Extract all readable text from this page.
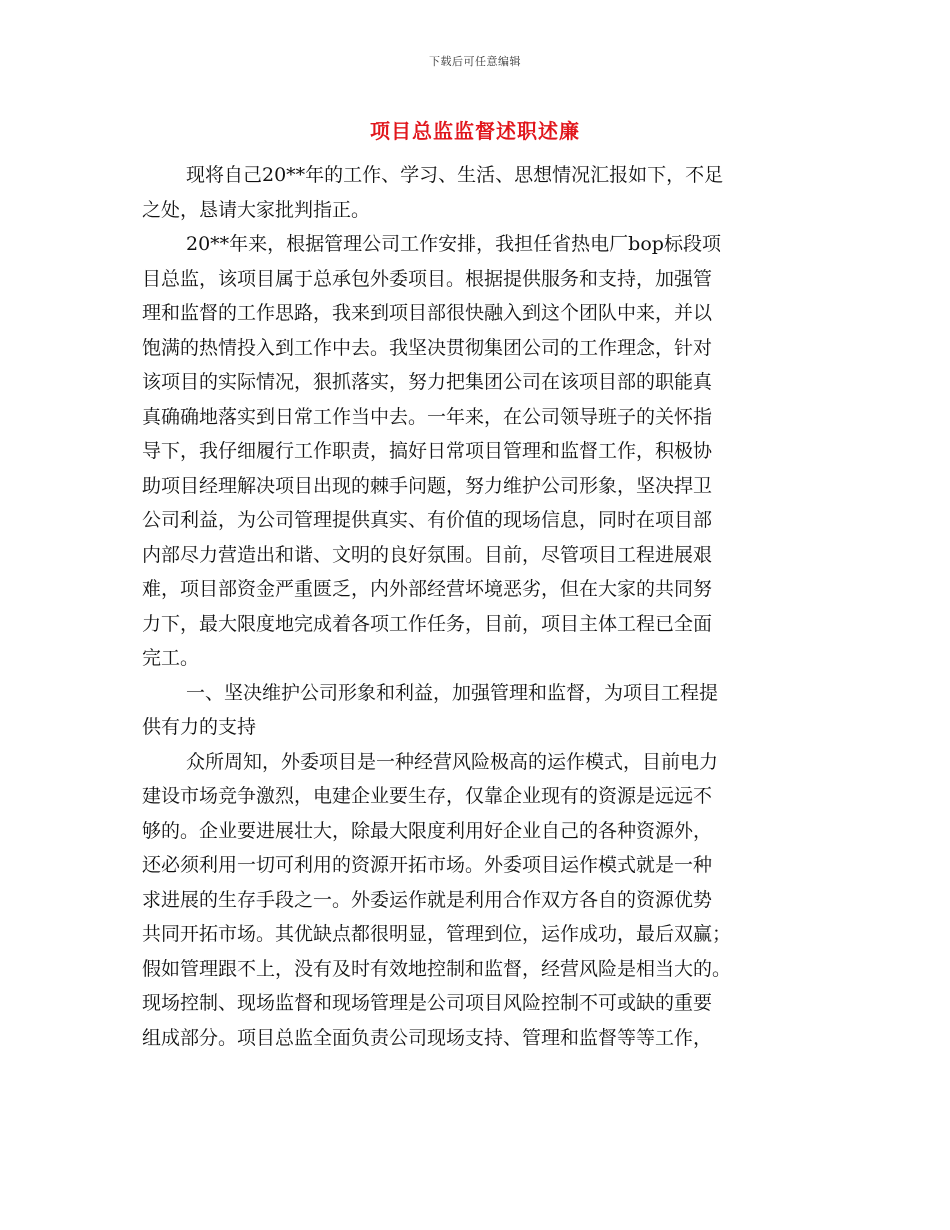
下载后可任意编辑
项目总监监督述职述廉
现将自己20**年的工作、学习、生活、思想情况汇报如下，不足
之处，恳请大家批判指正。
20**年来，根据管理公司工作安排，我担任省热电厂bop标段项
目总监，该项目属于总承包外委项目。根据提供服务和支持，加强管
理和监督的工作思路，我来到项目部很快融入到这个团队中来，并以
饱满的热情投入到工作中去。我坚决贯彻集团公司的工作理念，针对
该项目的实际情况，狠抓落实，努力把集团公司在该项目部的职能真
真确确地落实到日常工作当中去。一年来，在公司领导班子的关怀指
导下，我仔细履行工作职责，搞好日常项目管理和监督工作，积极协
助项目经理解决项目出现的棘手问题，努力维护公司形象，坚决捍卫
公司利益，为公司管理提供真实、有价值的现场信息，同时在项目部
内部尽力营造出和谐、文明的良好氛围。目前，尽管项目工程进展艰
难，项目部资金严重匮乏，内外部经营坏境恶劣，但在大家的共同努
力下，最大限度地完成着各项工作任务，目前，项目主体工程已全面
完工。
一、坚决维护公司形象和利益，加强管理和监督，为项目工程提
供有力的支持
众所周知，外委项目是一种经营风险极高的运作模式，目前电力
建设市场竞争激烈，电建企业要生存，仅靠企业现有的资源是远远不
够的。企业要进展壮大，除最大限度利用好企业自己的各种资源外，
还必须利用一切可利用的资源开拓市场。外委项目运作模式就是一种
求进展的生存手段之一。外委运作就是利用合作双方各自的资源优势
共同开拓市场。其优缺点都很明显，管理到位，运作成功，最后双赢；
假如管理跟不上，没有及时有效地控制和监督，经营风险是相当大的。
现场控制、现场监督和现场管理是公司项目风险控制不可或缺的重要
组成部分。项目总监全面负责公司现场支持、管理和监督等等工作，
